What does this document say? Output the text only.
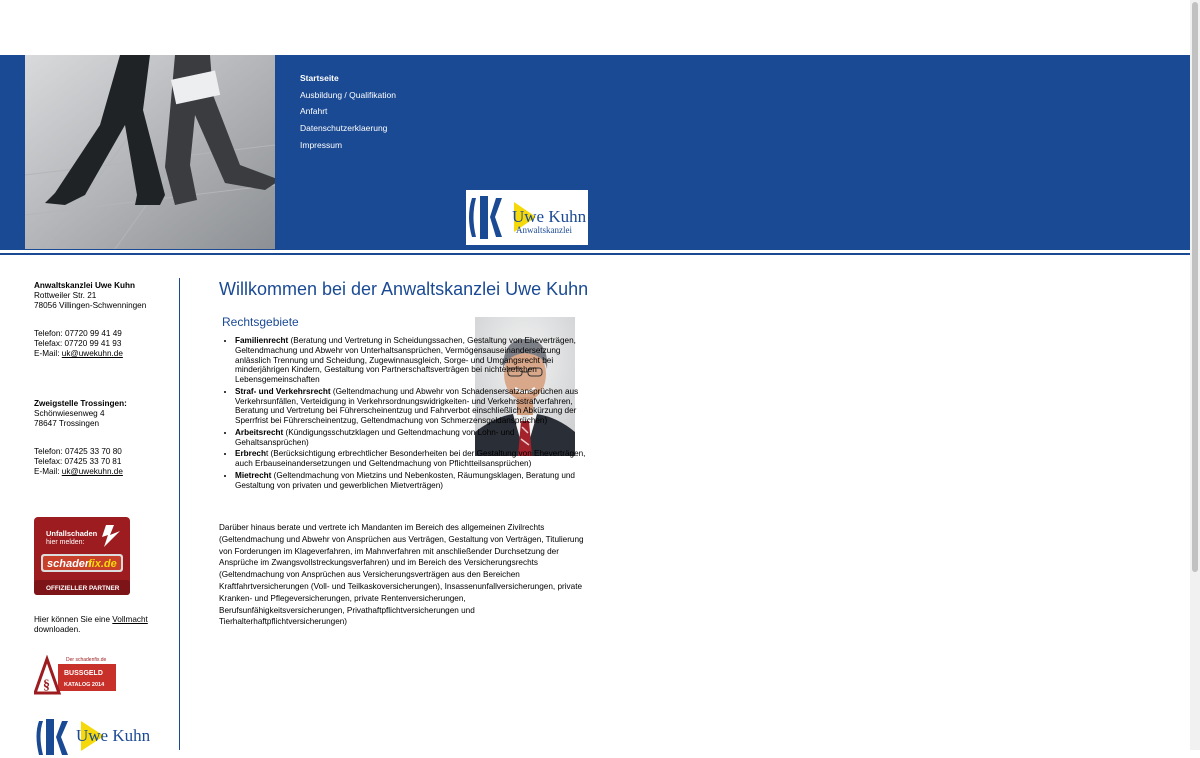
Startseite
Ausbildung / Qualifikation
Anfahrt
Datenschutzerklaerung
Impressum
Uwe Kuhn
Anwaltskanzlei
Anwaltskanzlei Uwe Kuhn
Rottweiler Str. 21
78056 Villingen-Schwenningen
Telefon: 07720 99 41 49
Telefax: 07720 99 41 93
E-Mail: uk@uwekuhn.de
Zweigstelle Trossingen:
Schönwiesenweg 4
78647 Trossingen
Telefon: 07425 33 70 80
Telefax: 07425 33 70 81
E-Mail: uk@uwekuhn.de
Unfallschaden
hier melden:
schaden
fix.de
OFFIZIELLER PARTNER
Hier können Sie eine Vollmacht
downloaden.
Der schadenfix.de
§
BUSSGELD
KATALOG 2014
Uwe Kuhn
Willkommen bei der Anwaltskanzlei Uwe Kuhn
Rechtsgebiete
• Familienrecht (Beratung und Vertretung in Scheidungssachen, Gestaltung von Eheverträgen, Geltendmachung und Abwehr von Unterhaltsansprüchen, Vermögensauseinandersetzung anlässlich Trennung und Scheidung, Zugewinnausgleich, Sorge- und Umgangsrecht bei minderjährigen Kindern, Gestaltung von Partnerschaftsverträgen bei nichtehelichen Lebensgemeinschaften
• Straf- und Verkehrsrecht (Geltendmachung und Abwehr von Schadensersatzansprüchen aus Verkehrsunfällen, Verteidigung in Verkehrsordnungswidrigkeiten- und Verkehrsstrafverfahren, Beratung und Vertretung bei Führerscheinentzug und Fahrverbot einschließlich Abkürzung der Sperrfrist bei Führerscheinentzug, Geltendmachung von Schmerzensgeldansprüchen)
• Arbeitsrecht (Kündigungsschutzklagen und Geltendmachung von Lohn- und Gehaltsansprüchen)
• Erbrecht (Berücksichtigung erbrechtlicher Besonderheiten bei der Gestaltung von Eheverträgen, auch Erbauseinandersetzungen und Geltendmachung von Pflichtteilsansprüchen)
• Mietrecht (Geltendmachung von Mietzins und Nebenkosten, Räumungsklagen, Beratung und Gestaltung von privaten und gewerblichen Mietverträgen)

Darüber hinaus berate und vertrete ich Mandanten im Bereich des allgemeinen Zivilrechts (Geltendmachung und Abwehr von Ansprüchen aus Verträgen, Gestaltung von Verträgen, Titulierung von Forderungen im Klageverfahren, im Mahnverfahren mit anschließender Durchsetzung der Ansprüche im Zwangsvollstreckungsverfahren) und im Bereich des Versicherungsrechts (Geltendmachung von Ansprüchen aus Versicherungsverträgen aus den Bereichen Kraftfahrtversicherungen (Voll- und Teilkaskoversicherungen), Insassenunfallversicherungen, private Kranken- und Pflegeversicherungen, private Rentenversicherungen, Berufsunfähigkeitsversicherungen, Privathaftpflichtversicherungen und Tierhalterhaftpflichtversicherungen)
